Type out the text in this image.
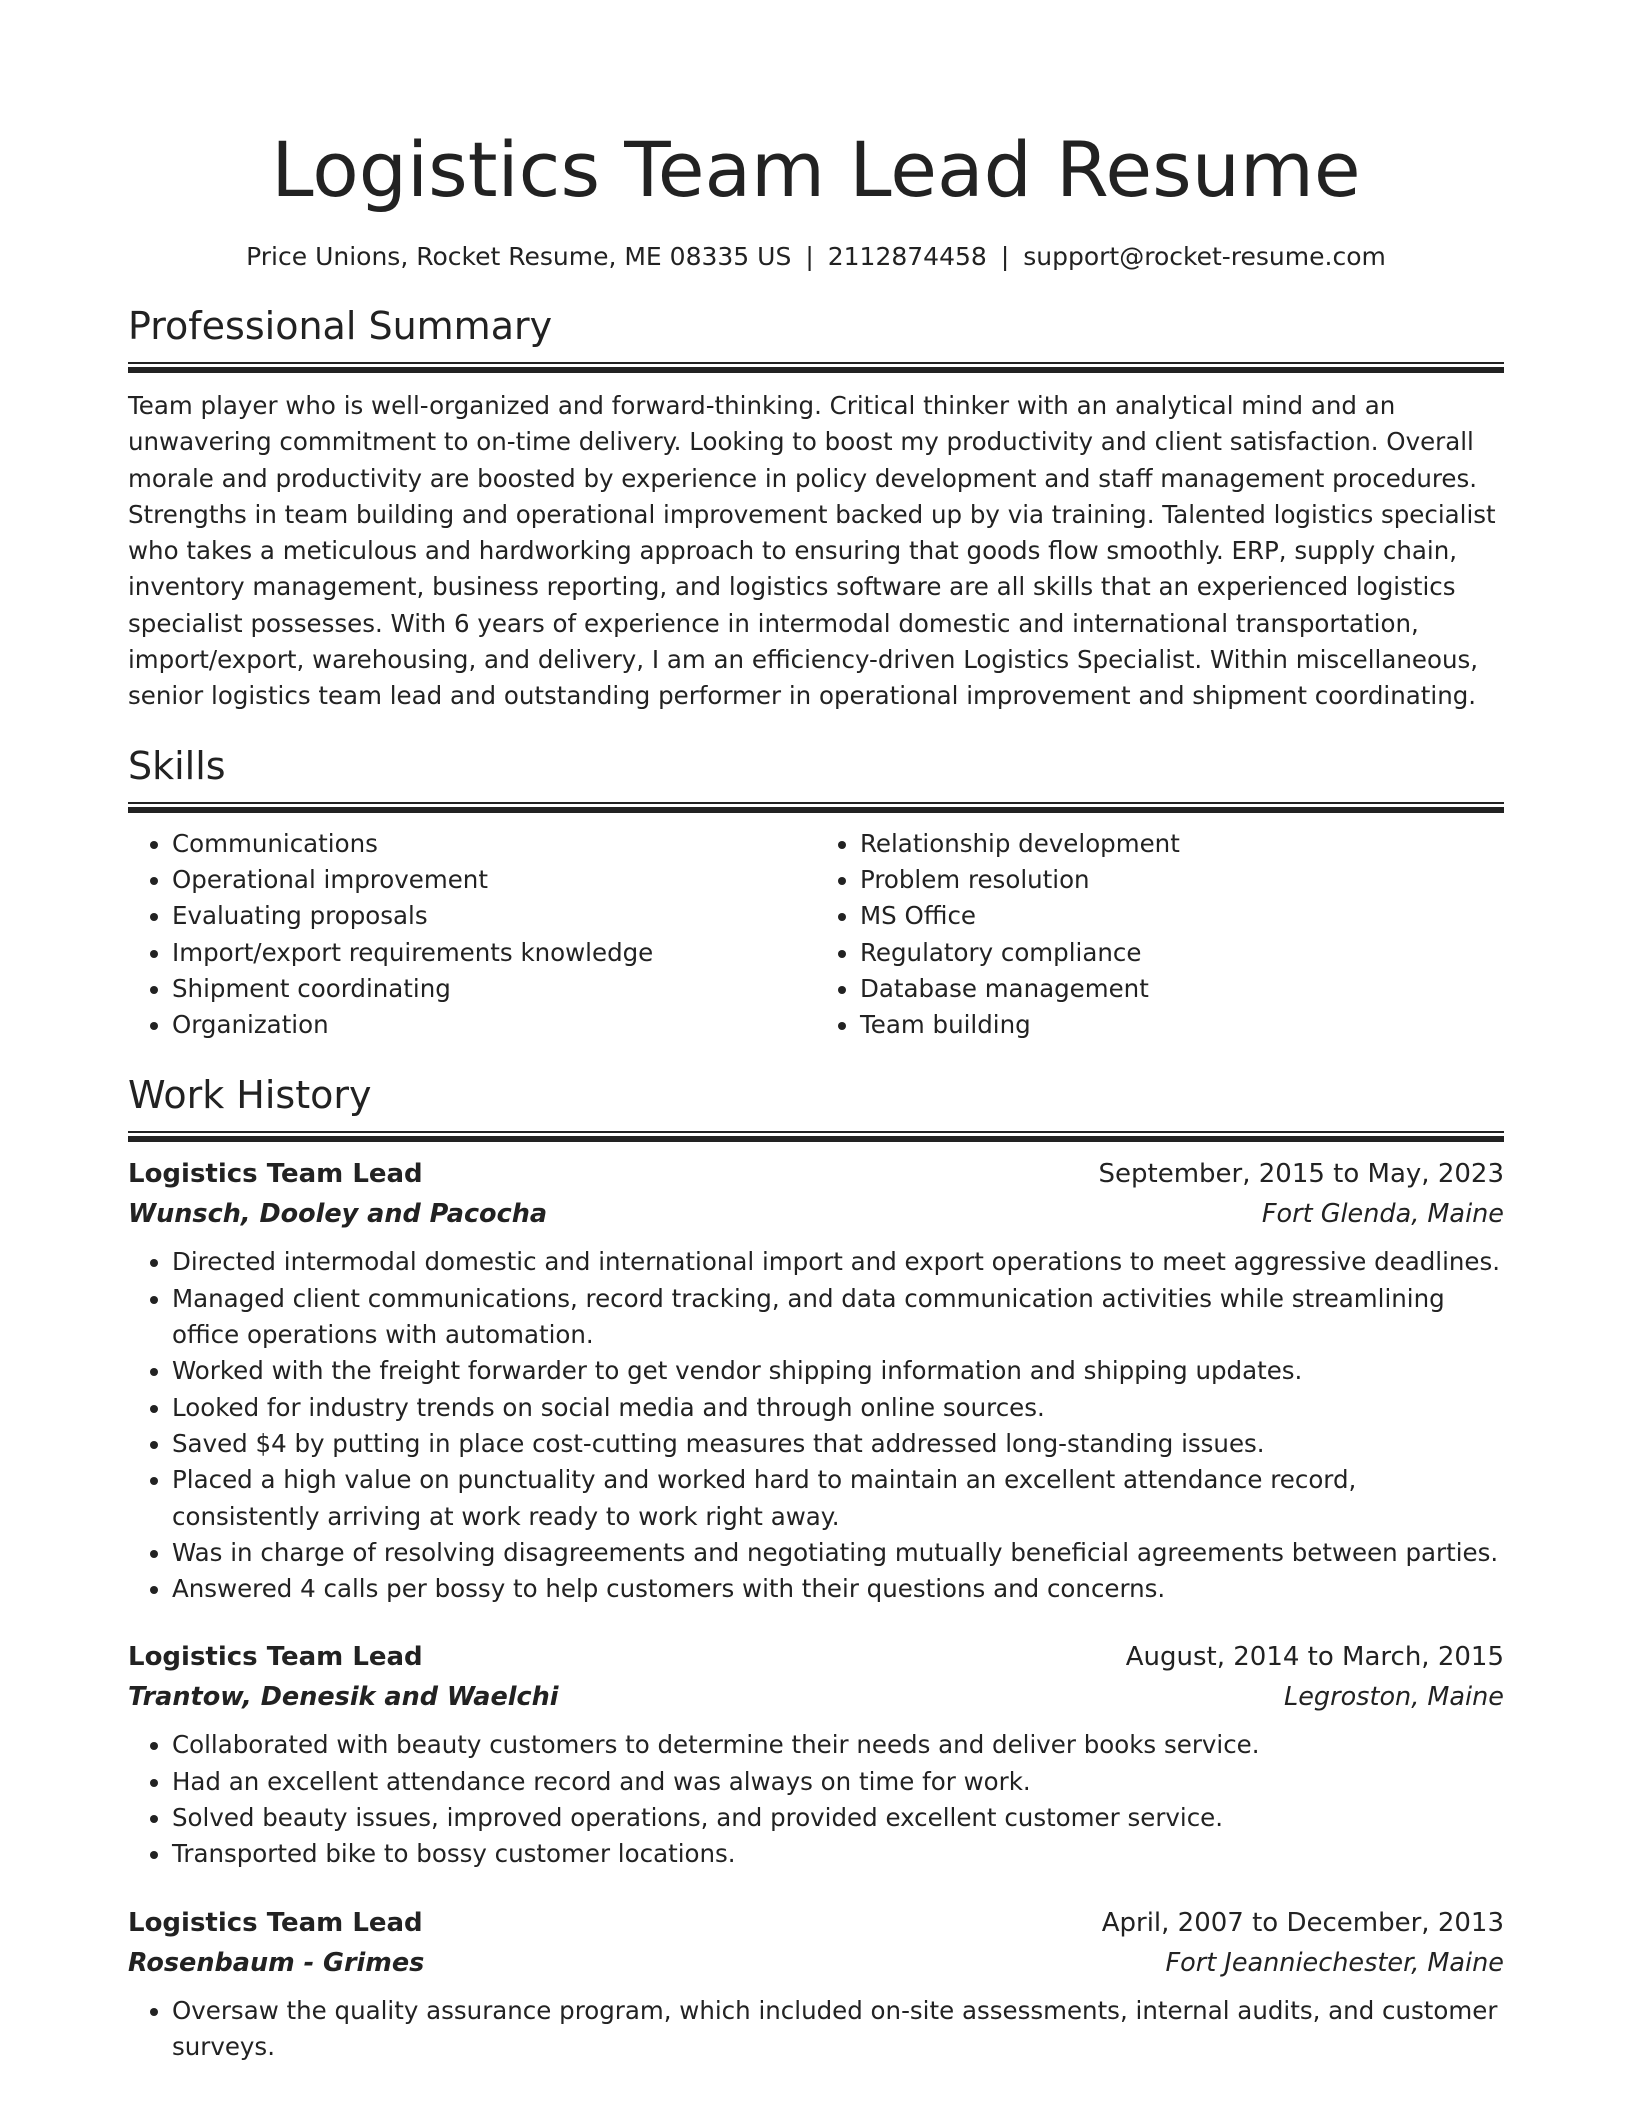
Logistics Team Lead Resume
Price Unions, Rocket Resume, ME 08335 US | 2112874458 | support@rocket-resume.com
Professional Summary
Team player who is well-organized and forward-thinking. Critical thinker with an analytical mind and an unwavering commitment to on-time delivery. Looking to boost my productivity and client satisfaction. Overall morale and productivity are boosted by experience in policy development and staff management procedures. Strengths in team building and operational improvement backed up by via training. Talented logistics specialist who takes a meticulous and hardworking approach to ensuring that goods flow smoothly. ERP, supply chain, inventory management, business reporting, and logistics software are all skills that an experienced logistics specialist possesses. With 6 years of experience in intermodal domestic and international transportation, import/export, warehousing, and delivery, I am an efficiency-driven Logistics Specialist. Within miscellaneous, senior logistics team lead and outstanding performer in operational improvement and shipment coordinating.
Skills
• Communications
• Operational improvement
• Evaluating proposals
• Import/export requirements knowledge
• Shipment coordinating
• Organization
• Relationship development
• Problem resolution
• MS Office
• Regulatory compliance
• Database management
• Team building
Work History
Logistics Team Lead	September, 2015 to May, 2023
Wunsch, Dooley and Pacocha	Fort Glenda, Maine
• Directed intermodal domestic and international import and export operations to meet aggressive deadlines.
• Managed client communications, record tracking, and data communication activities while streamlining office operations with automation.
• Worked with the freight forwarder to get vendor shipping information and shipping updates.
• Looked for industry trends on social media and through online sources.
• Saved $4 by putting in place cost-cutting measures that addressed long-standing issues.
• Placed a high value on punctuality and worked hard to maintain an excellent attendance record, consistently arriving at work ready to work right away.
• Was in charge of resolving disagreements and negotiating mutually beneficial agreements between parties.
• Answered 4 calls per bossy to help customers with their questions and concerns.
Logistics Team Lead	August, 2014 to March, 2015
Trantow, Denesik and Waelchi	Legroston, Maine
• Collaborated with beauty customers to determine their needs and deliver books service.
• Had an excellent attendance record and was always on time for work.
• Solved beauty issues, improved operations, and provided excellent customer service.
• Transported bike to bossy customer locations.
Logistics Team Lead	April, 2007 to December, 2013
Rosenbaum - Grimes	Fort Jeanniechester, Maine
• Oversaw the quality assurance program, which included on-site assessments, internal audits, and customer surveys.
